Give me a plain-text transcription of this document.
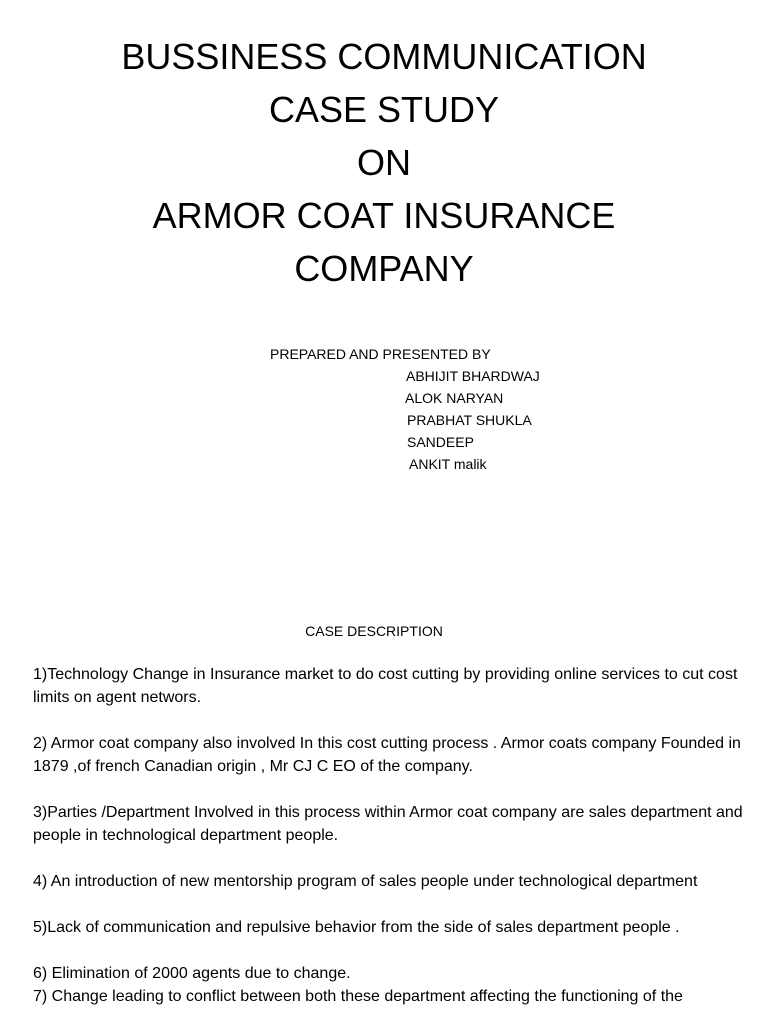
BUSSINESS COMMUNICATION
CASE STUDY
ON
ARMOR COAT INSURANCE
COMPANY
PREPARED AND PRESENTED BY
ABHIJIT BHARDWAJ
ALOK NARYAN
PRABHAT SHUKLA
SANDEEP
ANKIT malik
CASE DESCRIPTION

1)Technology Change in Insurance market to do cost cutting by providing online services to cut cost limits on agent networs.

2) Armor coat company also involved In this cost cutting process . Armor coats company Founded in 1879 ,of french Canadian origin , Mr CJ C EO of the company.

3)Parties /Department Involved in this process within Armor coat company are sales department and people in technological department people.

4) An introduction of new mentorship program of sales people under technological department

5)Lack of communication and repulsive behavior from the side of sales department people .

6) Elimination of 2000 agents due to change.

7) Change leading to conflict between both these department affecting the functioning of the
